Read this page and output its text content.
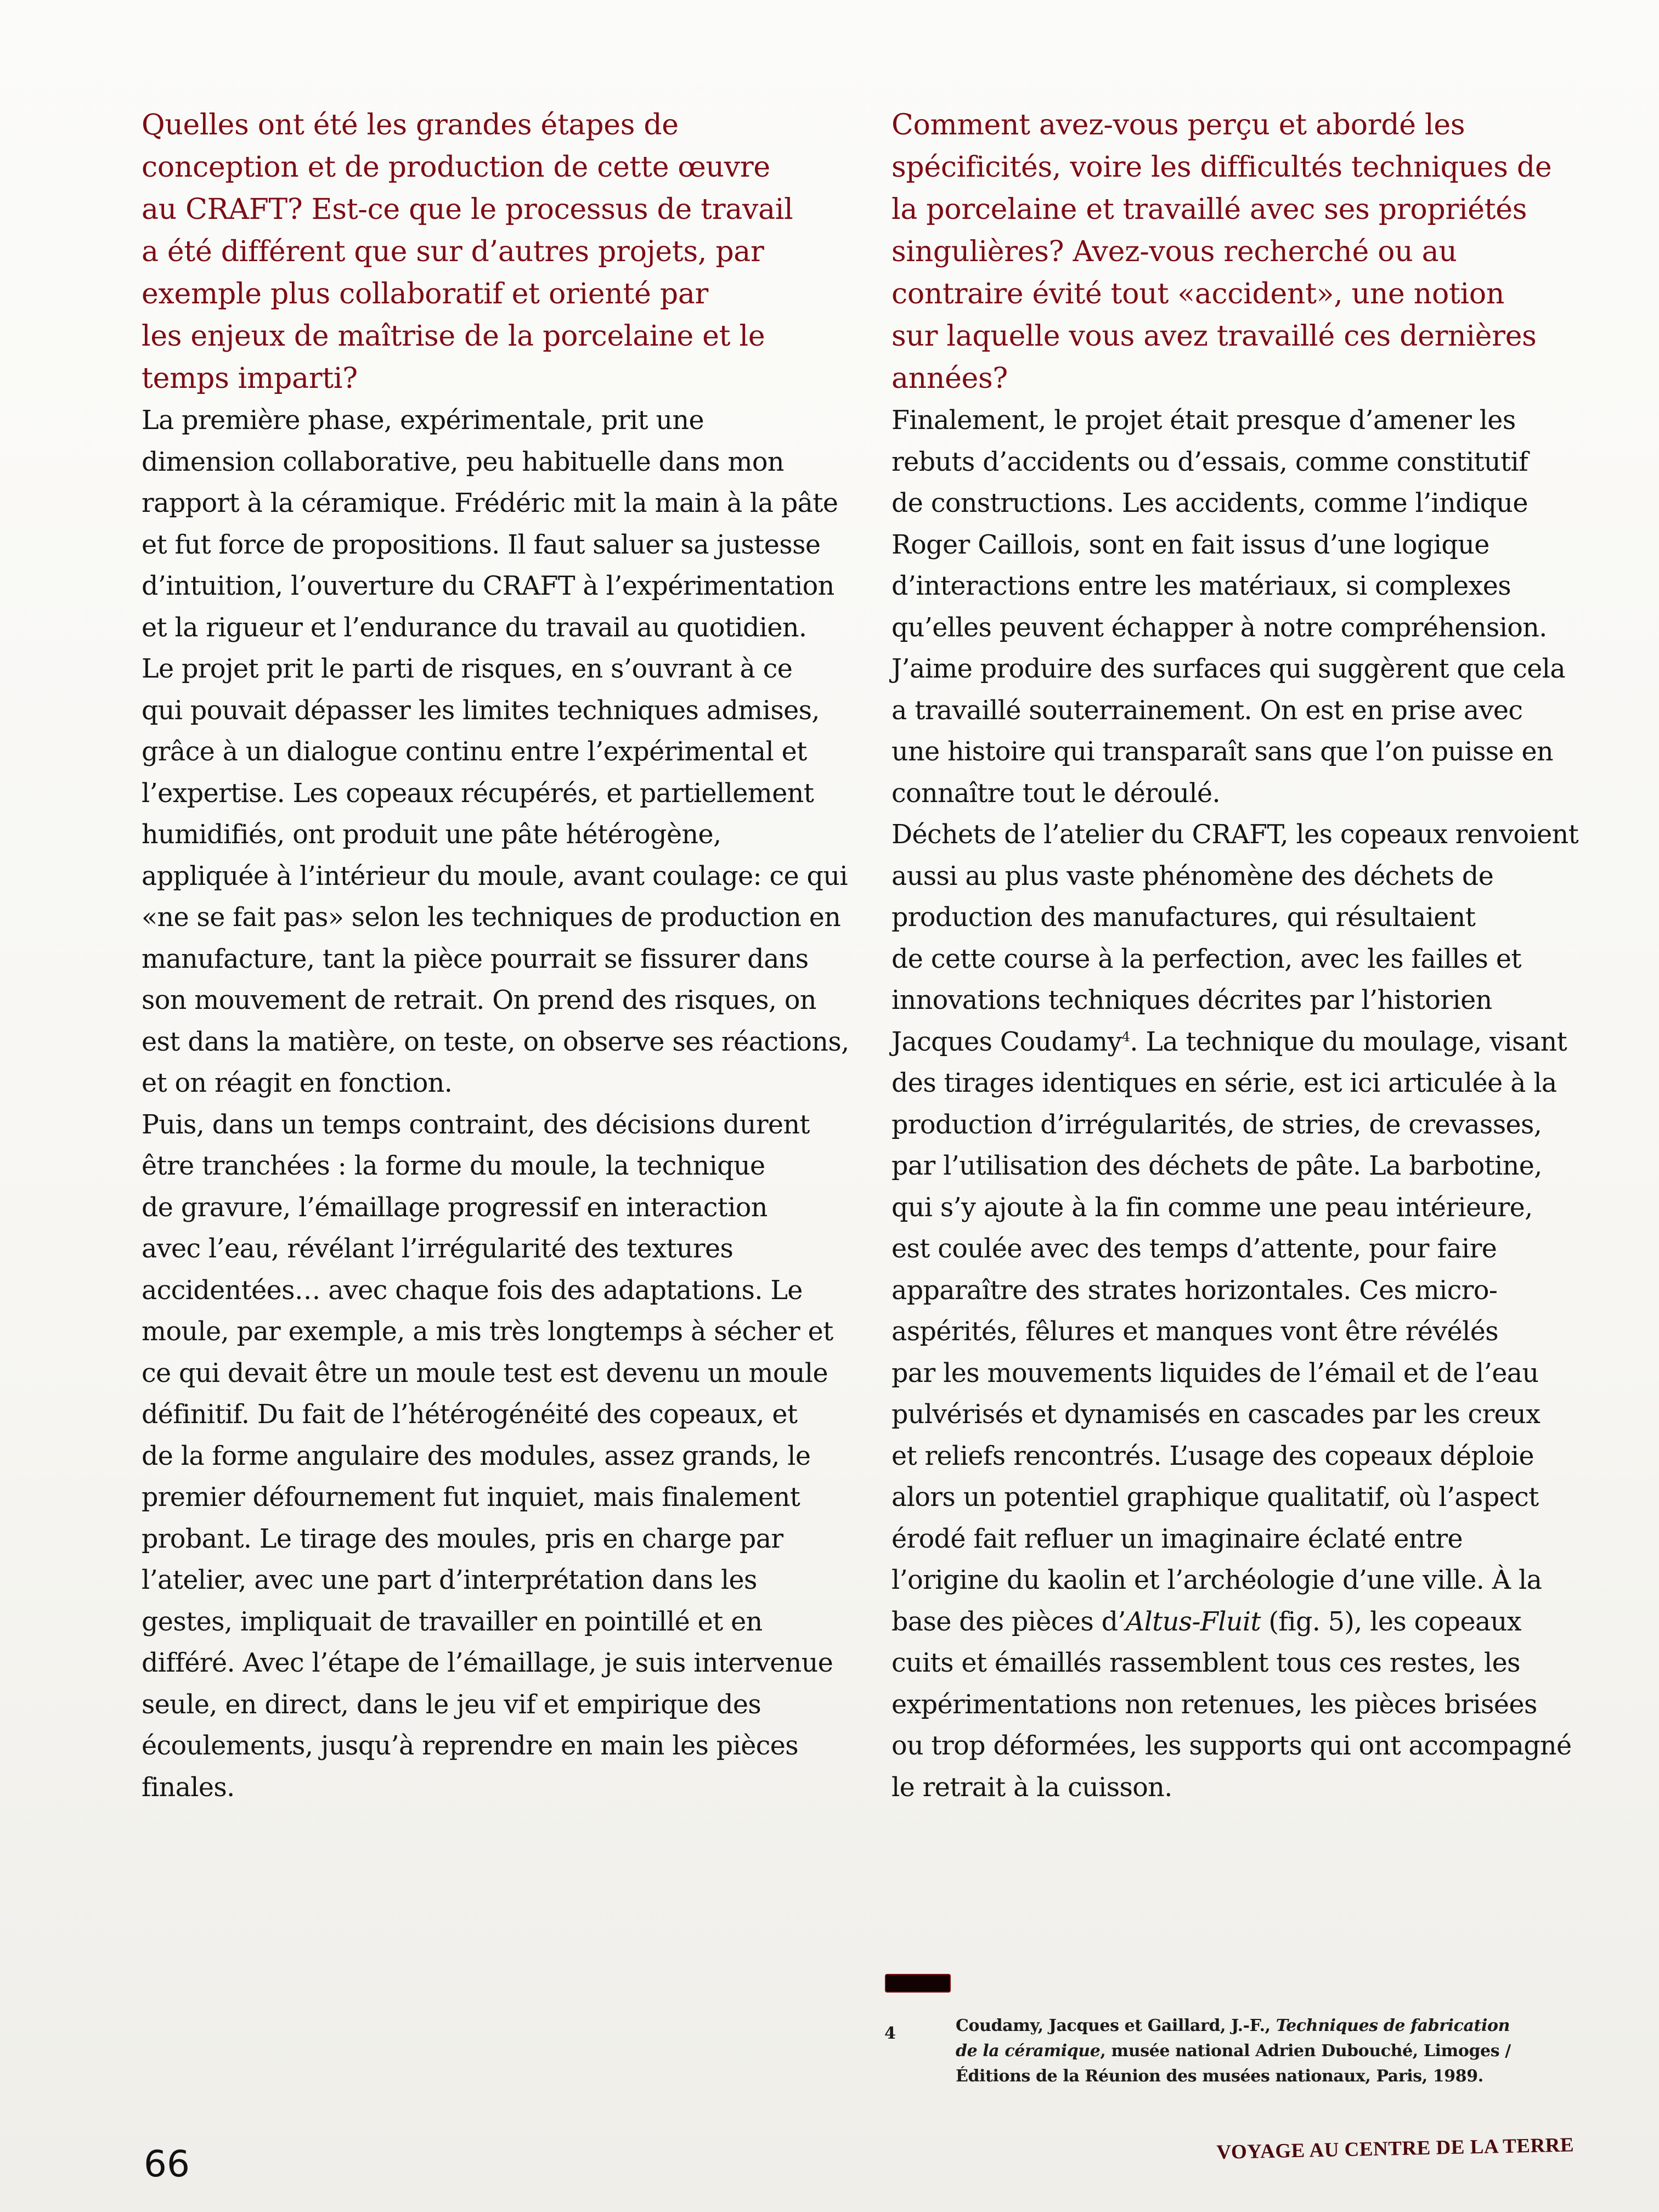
Quelles ont été les grandes étapes de
conception et de production de cette œuvre
au CRAFT? Est-ce que le processus de travail
a été différent que sur d’autres projets, par
exemple plus collaboratif et orienté par
les enjeux de maîtrise de la porcelaine et le
temps imparti?

La première phase, expérimentale, prit une
dimension collaborative, peu habituelle dans mon
rapport à la céramique. Frédéric mit la main à la pâte
et fut force de propositions. Il faut saluer sa justesse
d’intuition, l’ouverture du CRAFT à l’expérimentation
et la rigueur et l’endurance du travail au quotidien.

Le projet prit le parti de risques, en s’ouvrant à ce
qui pouvait dépasser les limites techniques admises,
grâce à un dialogue continu entre l’expérimental et
l’expertise. Les copeaux récupérés, et partiellement
humidifiés, ont produit une pâte hétérogène,
appliquée à l’intérieur du moule, avant coulage: ce qui
«ne se fait pas» selon les techniques de production en
manufacture, tant la pièce pourrait se fissurer dans
son mouvement de retrait. On prend des risques, on
est dans la matière, on teste, on observe ses réactions,
et on réagit en fonction.

Puis, dans un temps contraint, des décisions durent
être tranchées : la forme du moule, la technique
de gravure, l’émaillage progressif en interaction
avec l’eau, révélant l’irrégularité des textures
accidentées… avec chaque fois des adaptations. Le
moule, par exemple, a mis très longtemps à sécher et
ce qui devait être un moule test est devenu un moule
définitif. Du fait de l’hétérogénéité des copeaux, et
de la forme angulaire des modules, assez grands, le
premier défournement fut inquiet, mais finalement
probant. Le tirage des moules, pris en charge par
l’atelier, avec une part d’interprétation dans les
gestes, impliquait de travailler en pointillé et en
différé. Avec l’étape de l’émaillage, je suis intervenue
seule, en direct, dans le jeu vif et empirique des
écoulements, jusqu’à reprendre en main les pièces
finales.

Comment avez-vous perçu et abordé les
spécificités, voire les difficultés techniques de
la porcelaine et travaillé avec ses propriétés
singulières? Avez-vous recherché ou au
contraire évité tout «accident», une notion
sur laquelle vous avez travaillé ces dernières
années?

Finalement, le projet était presque d’amener les
rebuts d’accidents ou d’essais, comme constitutif
de constructions. Les accidents, comme l’indique
Roger Caillois, sont en fait issus d’une logique
d’interactions entre les matériaux, si complexes
qu’elles peuvent échapper à notre compréhension.
J’aime produire des surfaces qui suggèrent que cela
a travaillé souterrainement. On est en prise avec
une histoire qui transparaît sans que l’on puisse en
connaître tout le déroulé.

Déchets de l’atelier du CRAFT, les copeaux renvoient
aussi au plus vaste phénomène des déchets de
production des manufactures, qui résultaient
de cette course à la perfection, avec les failles et
innovations techniques décrites par l’historien
Jacques Coudamy$^4$. La technique du moulage, visant
des tirages identiques en série, est ici articulée à la
production d’irrégularités, de stries, de crevasses,
par l’utilisation des déchets de pâte. La barbotine,
qui s’y ajoute à la fin comme une peau intérieure,
est coulée avec des temps d’attente, pour faire
apparaître des strates horizontales. Ces micro-
aspérités, fêlures et manques vont être révélés
par les mouvements liquides de l’émail et de l’eau
pulvérisés et dynamisés en cascades par les creux
et reliefs rencontrés. L’usage des copeaux déploie
alors un potentiel graphique qualitatif, où l’aspect
érodé fait refluer un imaginaire éclaté entre
l’origine du kaolin et l’archéologie d’une ville. À la
base des pièces d’Altus-Fluit (fig. 5), les copeaux
cuits et émaillés rassemblent tous ces restes, les
expérimentations non retenues, les pièces brisées
ou trop déformées, les supports qui ont accompagné
le retrait à la cuisson.

4	Coudamy, Jacques et Gaillard, J.-F., Techniques de fabrication
de la céramique, musée national Adrien Dubouché, Limoges /
Éditions de la Réunion des musées nationaux, Paris, 1989.
66	VOYAGE AU CENTRE DE LA TERRE
